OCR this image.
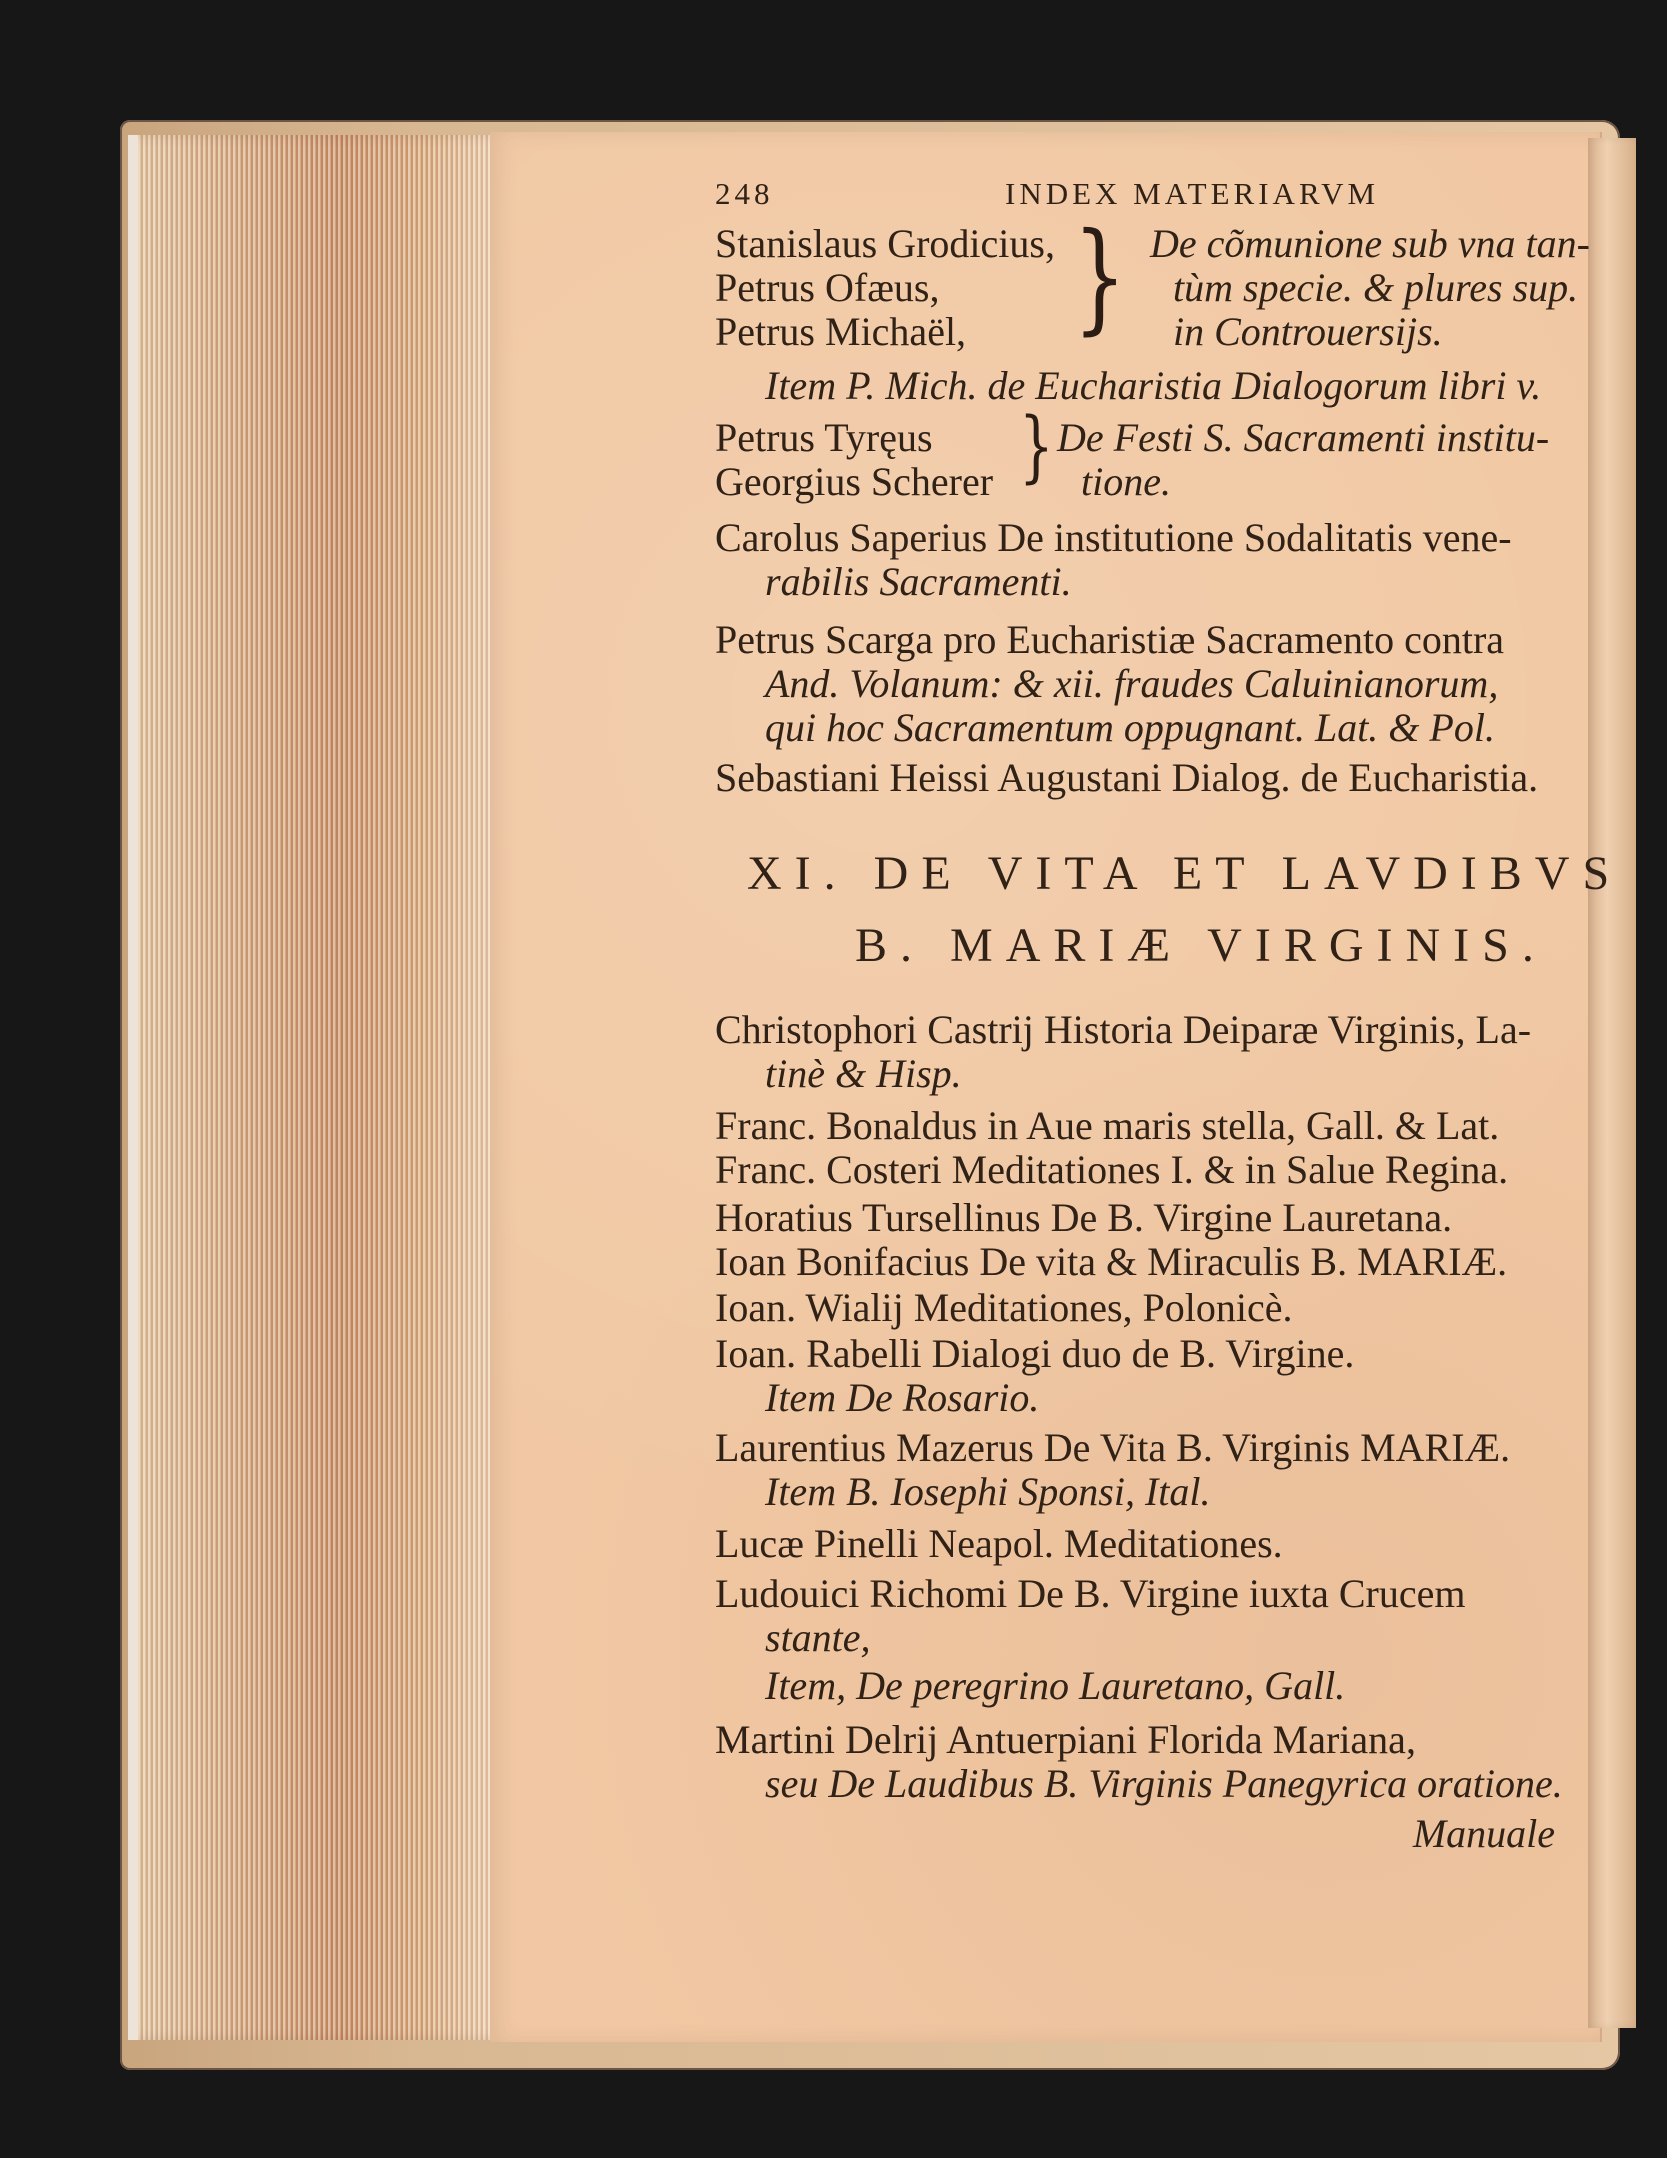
248	INDEX MATERIARVM
Stanislaus Grodicius,
Petrus Ofæus,
Petrus Michaël, } De cõmunione sub vna tan-
tùm specie. & plures sup.
in Controuersijs.
Item P. Mich. de Eucharistia Dialogorum libri v.
Petrus Tyręus
Georgius Scherer } De Festi S. Sacramenti institu-
tione.
Carolus Saperius De institutione Sodalitatis vene-
rabilis Sacramenti.
Petrus Scarga pro Eucharistiæ Sacramento contra
And. Volanum: & xii. fraudes Caluinianorum,
qui hoc Sacramentum oppugnant. Lat. & Pol.
Sebastiani Heissi Augustani Dialog. de Eucharistia.
XI. DE VITA ET LAVDIBVS
B. MARIÆ VIRGINIS.
Christophori Castrij Historia Deiparæ Virginis, La-
tinè & Hisp.
Franc. Bonaldus in Aue maris stella, Gall. & Lat.
Franc. Costeri Meditationes I. & in Salue Regina.
Horatius Tursellinus De B. Virgine Lauretana.
Ioan Bonifacius De vita & Miraculis B. MARIÆ.
Ioan. Wialij Meditationes, Polonicè.
Ioan. Rabelli Dialogi duo de B. Virgine.
Item De Rosario.
Laurentius Mazerus De Vita B. Virginis MARIÆ.
Item B. Iosephi Sponsi, Ital.
Lucæ Pinelli Neapol. Meditationes.
Ludouici Richomi De B. Virgine iuxta Crucem
stante,
Item, De peregrino Lauretano, Gall.
Martini Delrij Antuerpiani Florida Mariana,
seu De Laudibus B. Virginis Panegyrica oratione.
Manuale
